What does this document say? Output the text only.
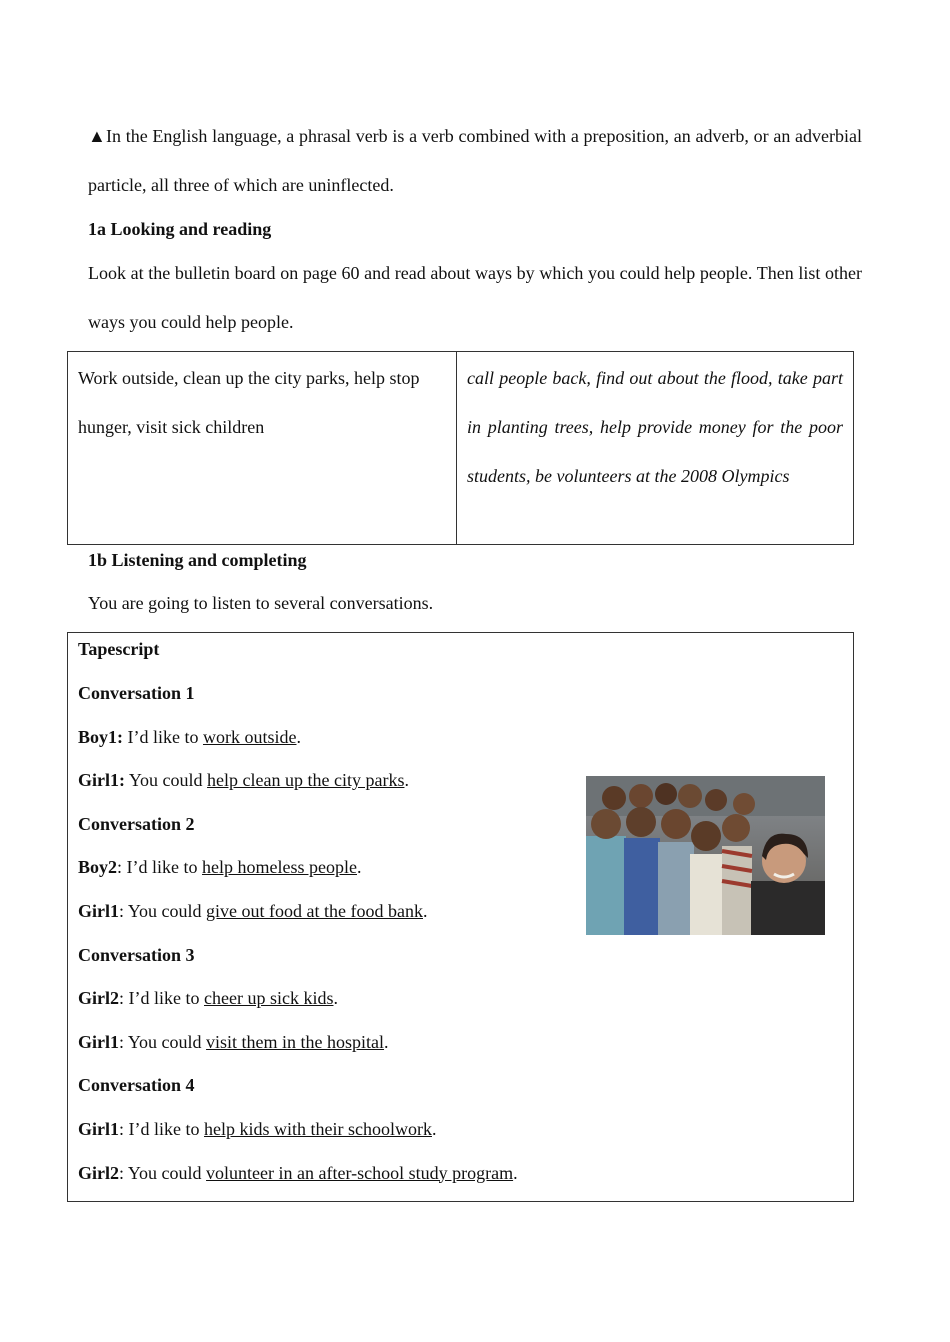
▲In the English language, a phrasal verb is a verb combined with a preposition, an adverb, or an adverbial particle, all three of which are uninflected.

1a Looking and reading

Look at the bulletin board on page 60 and read about ways by which you could help people. Then list other ways you could help people.

Work outside, clean up the city parks, help stop hunger, visit sick children	call people back, find out about the flood, take part in planting trees, help provide money for the poor students, be volunteers at the 2008 Olympics

1b Listening and completing

You are going to listen to several conversations.

Tapescript

Conversation 1

Boy1: I’d like to work outside.

Girl1: You could help clean up the city parks.

Conversation 2

Boy2: I’d like to help homeless people.

Girl1: You could give out food at the food bank.

Conversation 3

Girl2: I’d like to cheer up sick kids.

Girl1: You could visit them in the hospital.

Conversation 4

Girl1: I’d like to help kids with their schoolwork.

Girl2: You could volunteer in an after-school study program.
